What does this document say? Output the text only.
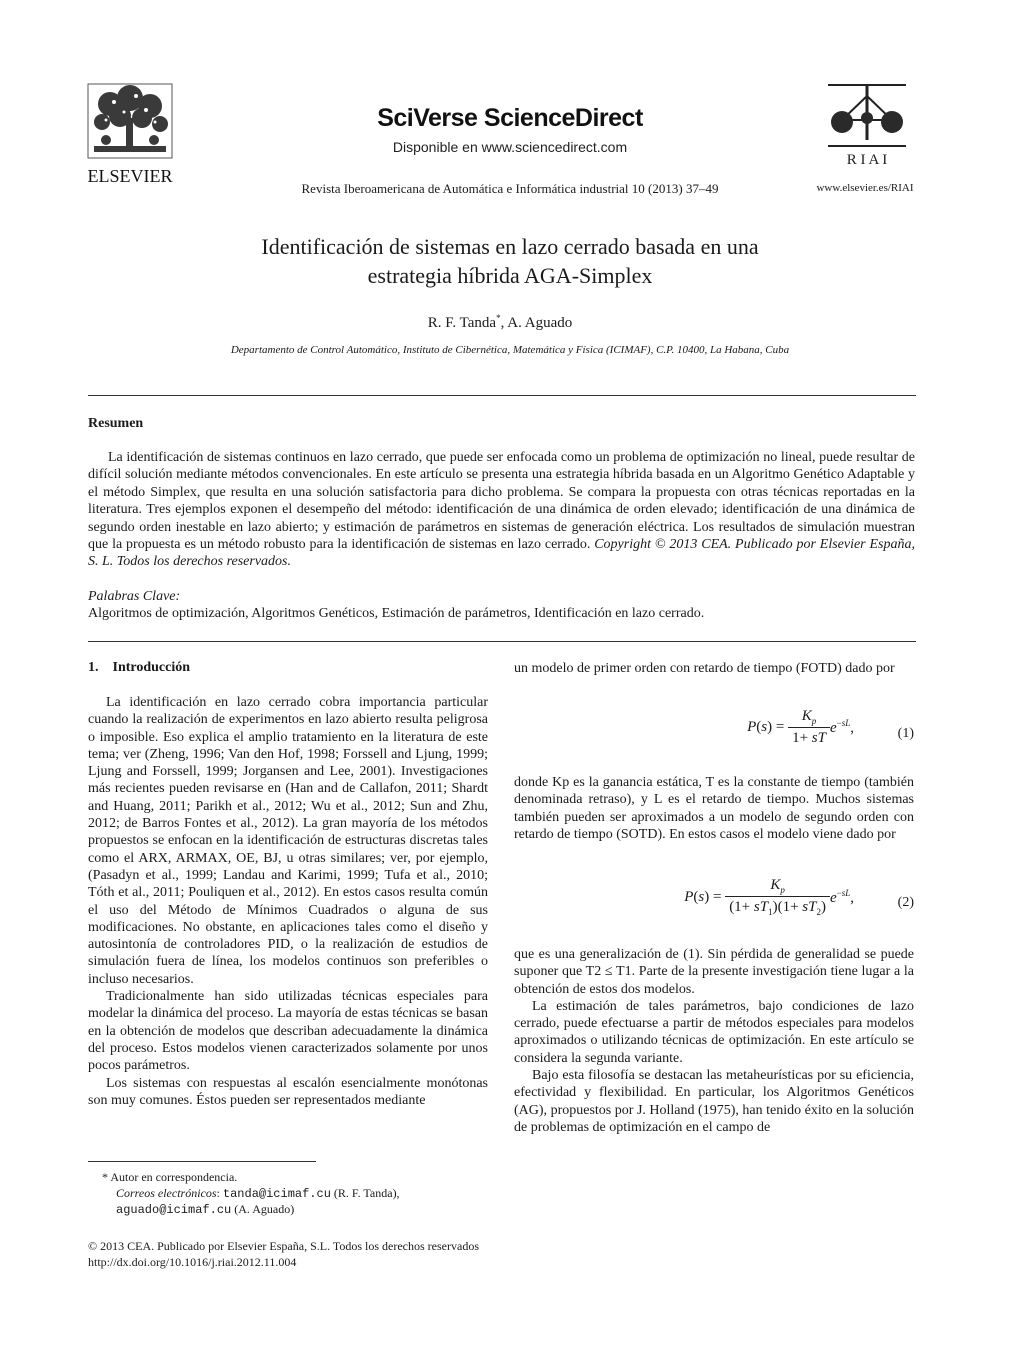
ELSEVIER
SciVerse ScienceDirect
Disponible en www.sciencedirect.com
Revista Iberoamericana de Automática e Informática industrial 10 (2013) 37–49
R I A I
www.elsevier.es/RIAI
Identificación de sistemas en lazo cerrado basada en una
estrategia híbrida AGA-Simplex
R. F. Tanda*, A. Aguado
Departamento de Control Automático, Instituto de Cibernética, Matemática y Física (ICIMAF), C.P. 10400, La Habana, Cuba
Resumen
La identificación de sistemas continuos en lazo cerrado, que puede ser enfocada como un problema de optimización no lineal, puede resultar de difícil solución mediante métodos convencionales. En este artículo se presenta una estrategia híbrida basada en un Algoritmo Genético Adaptable y el método Simplex, que resulta en una solución satisfactoria para dicho problema. Se compara la propuesta con otras técnicas reportadas en la literatura. Tres ejemplos exponen el desempeño del método: identificación de una dinámica de orden elevado; identificación de una dinámica de segundo orden inestable en lazo abierto; y estimación de parámetros en sistemas de generación eléctrica. Los resultados de simulación muestran que la propuesta es un método robusto para la identificación de sistemas en lazo cerrado. Copyright © 2013 CEA. Publicado por Elsevier España, S. L. Todos los derechos reservados.
Palabras Clave:
Algoritmos de optimización, Algoritmos Genéticos, Estimación de parámetros, Identificación en lazo cerrado.
1. Introducción

La identificación en lazo cerrado cobra importancia particular cuando la realización de experimentos en lazo abierto resulta peligrosa o imposible. Eso explica el amplio tratamiento en la literatura de este tema; ver (Zheng, 1996; Van den Hof, 1998; Forssell and Ljung, 1999; Ljung and Forssell, 1999; Jorgansen and Lee, 2001). Investigaciones más recientes pueden revisarse en (Han and de Callafon, 2011; Shardt and Huang, 2011; Parikh et al., 2012; Wu et al., 2012; Sun and Zhu, 2012; de Barros Fontes et al., 2012). La gran mayoría de los métodos propuestos se enfocan en la identificación de estructuras discretas tales como el ARX, ARMAX, OE, BJ, u otras similares; ver, por ejemplo, (Pasadyn et al., 1999; Landau and Karimi, 1999; Tufa et al., 2010; Tóth et al., 2011; Pouliquen et al., 2012). En estos casos resulta común el uso del Método de Mínimos Cuadrados o alguna de sus modificaciones. No obstante, en aplicaciones tales como el diseño y autosintonía de controladores PID, o la realización de estudios de simulación fuera de línea, los modelos continuos son preferibles o incluso necesarios.

Tradicionalmente han sido utilizadas técnicas especiales para modelar la dinámica del proceso. La mayoría de estas técnicas se basan en la obtención de modelos que describan adecuadamente la dinámica del proceso. Estos modelos vienen caracterizados solamente por unos pocos parámetros.

Los sistemas con respuestas al escalón esencialmente monótonas son muy comunes. Éstos pueden ser representados mediante

un modelo de primer orden con retardo de tiempo (FOTD) dado por

$P(s) = \frac{K_p}{1+ sT} e^{-sL}$,	(1)

donde Kp es la ganancia estática, T es la constante de tiempo (también denominada retraso), y L es el retardo de tiempo. Muchos sistemas también pueden ser aproximados a un modelo de segundo orden con retardo de tiempo (SOTD). En estos casos el modelo viene dado por

$P(s) = \frac{K_p}{(1+ sT_1)(1+ sT_2)} e^{-sL}$,	(2)

que es una generalización de (1). Sin pérdida de generalidad se puede suponer que T2 ≤ T1. Parte de la presente investigación tiene lugar a la obtención de estos dos modelos.

La estimación de tales parámetros, bajo condiciones de lazo cerrado, puede efectuarse a partir de métodos especiales para modelos aproximados o utilizando técnicas de optimización. En este artículo se considera la segunda variante.

Bajo esta filosofía se destacan las metaheurísticas por su eficiencia, efectividad y flexibilidad. En particular, los Algoritmos Genéticos (AG), propuestos por J. Holland (1975), han tenido éxito en la solución de problemas de optimización en el campo de

* Autor en correspondencia.
Correos electrónicos: tanda@icimaf.cu (R. F. Tanda),
aguado@icimaf.cu (A. Aguado)
© 2013 CEA. Publicado por Elsevier España, S.L. Todos los derechos reservados
http://dx.doi.org/10.1016/j.riai.2012.11.004
